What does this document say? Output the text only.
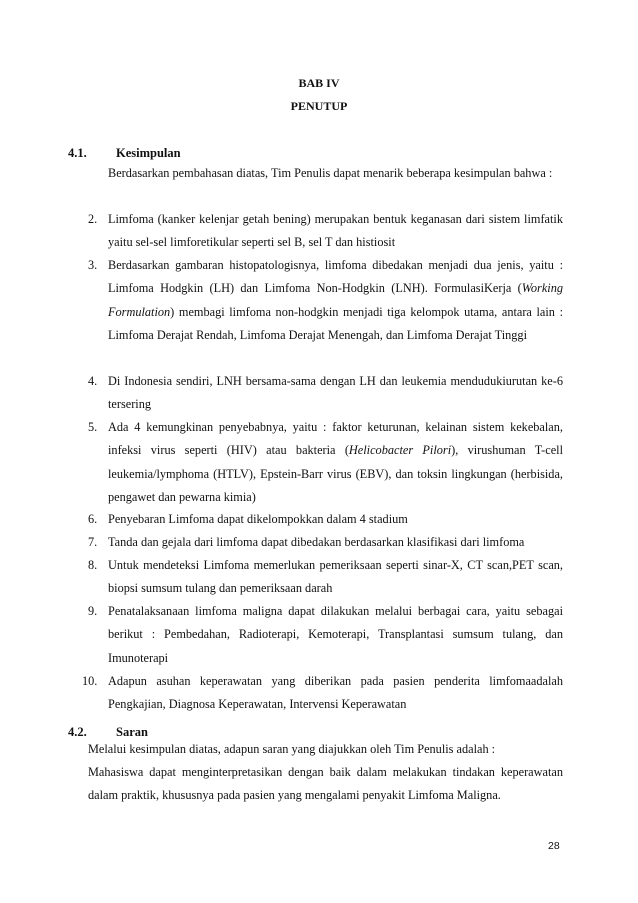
BAB IV
PENUTUP
4.1. Kesimpulan
Berdasarkan pembahasan diatas, Tim Penulis dapat menarik beberapa kesimpulan bahwa :
2. Limfoma (kanker kelenjar getah bening) merupakan bentuk keganasan dari sistem limfatik yaitu sel-sel limforetikular seperti sel B, sel T dan histiosit
3. Berdasarkan gambaran histopatologisnya, limfoma dibedakan menjadi dua jenis, yaitu : Limfoma Hodgkin (LH) dan Limfoma Non-Hodgkin (LNH). FormulasiKerja (Working Formulation) membagi limfoma non-hodgkin menjadi tiga kelompok utama, antara lain : Limfoma Derajat Rendah, Limfoma Derajat Menengah, dan Limfoma Derajat Tinggi
4. Di Indonesia sendiri, LNH bersama-sama dengan LH dan leukemia mendudukiurutan ke-6 tersering
5. Ada 4 kemungkinan penyebabnya, yaitu : faktor keturunan, kelainan sistem kekebalan, infeksi virus seperti (HIV) atau bakteria (Helicobacter Pilori), virushuman T-cell leukemia/lymphoma (HTLV), Epstein-Barr virus (EBV), dan toksin lingkungan (herbisida, pengawet dan pewarna kimia)
6. Penyebaran Limfoma dapat dikelompokkan dalam 4 stadium
7. Tanda dan gejala dari limfoma dapat dibedakan berdasarkan klasifikasi dari limfoma
8. Untuk mendeteksi Limfoma memerlukan pemeriksaan seperti sinar-X, CT scan,PET scan, biopsi sumsum tulang dan pemeriksaan darah
9. Penatalaksanaan limfoma maligna dapat dilakukan melalui berbagai cara, yaitu sebagai berikut : Pembedahan, Radioterapi, Kemoterapi, Transplantasi sumsum tulang, dan Imunoterapi
10. Adapun asuhan keperawatan yang diberikan pada pasien penderita limfomaadalah Pengkajian, Diagnosa Keperawatan, Intervensi Keperawatan
4.2. Saran
Melalui kesimpulan diatas, adapun saran yang diajukkan oleh Tim Penulis adalah :
Mahasiswa dapat menginterpretasikan dengan baik dalam melakukan tindakan keperawatan dalam praktik, khususnya pada pasien yang mengalami penyakit Limfoma Maligna.
28
